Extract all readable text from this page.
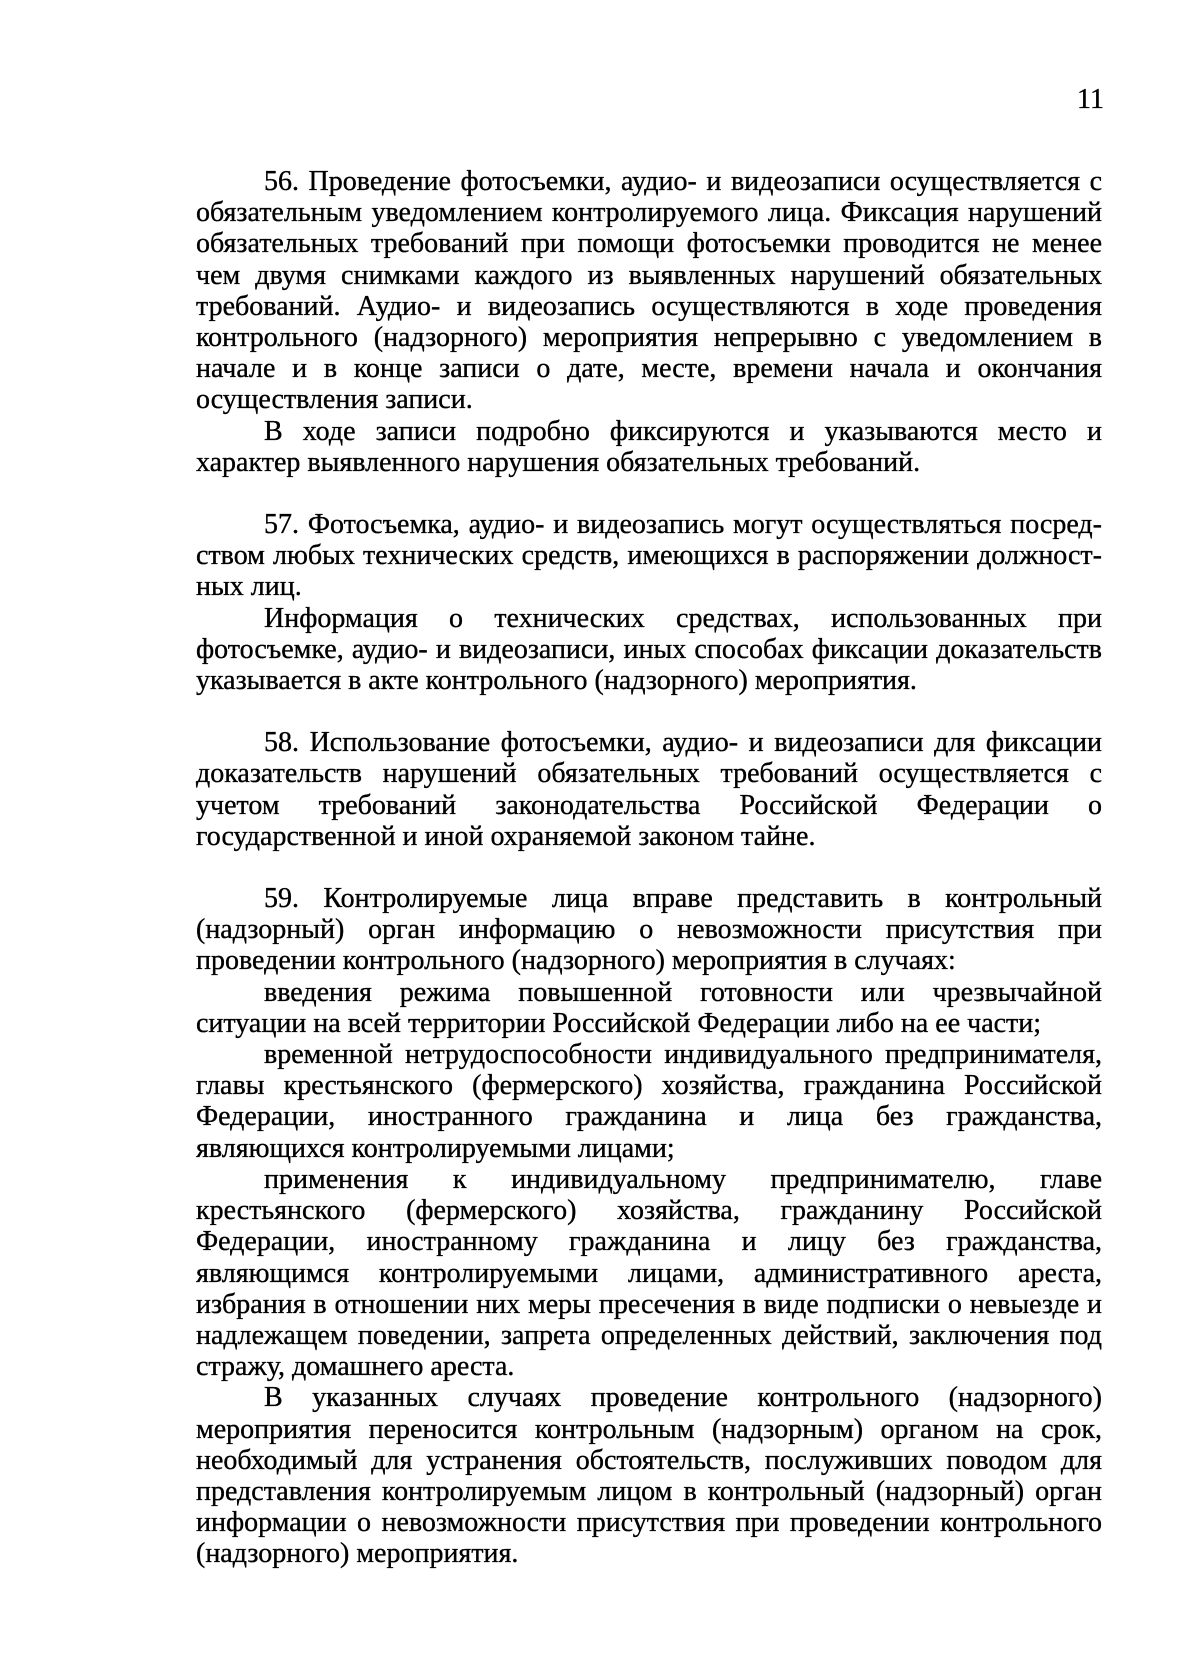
11

56. Проведение фотосъемки, аудио- и видеозаписи осуществляется с обязательным уведомлением контролируемого лица. Фиксация нарушений обязательных требований при помощи фотосъемки проводится не менее чем двумя снимками каждого из выявленных нарушений обязательных требований. Аудио- и видеозапись осуществляются в ходе проведения контрольного (надзорного) мероприятия непрерывно с уведомлением в начале и в конце записи о дате, месте, времени начала и окончания осуществления записи.

В ходе записи подробно фиксируются и указываются место и характер выявленного нарушения обязательных требований.

57. Фотосъемка, аудио- и видеозапись могут осуществляться посредством любых технических средств, имеющихся в распоряжении должностных лиц.

Информация о технических средствах, использованных при фотосъемке, аудио- и видеозаписи, иных способах фиксации доказательств указывается в акте контрольного (надзорного) мероприятия.

58. Использование фотосъемки, аудио- и видеозаписи для фиксации доказательств нарушений обязательных требований осуществляется с учетом требований законодательства Российской Федерации о государственной и иной охраняемой законом тайне.

59. Контролируемые лица вправе представить в контрольный (надзорный) орган информацию о невозможности присутствия при проведении контрольного (надзорного) мероприятия в случаях:

введения режима повышенной готовности или чрезвычайной ситуации на всей территории Российской Федерации либо на ее части;

временной нетрудоспособности индивидуального предпринимателя, главы крестьянского (фермерского) хозяйства, гражданина Российской Федерации, иностранного гражданина и лица без гражданства, являющихся контролируемыми лицами;

применения к индивидуальному предпринимателю, главе крестьянского (фермерского) хозяйства, гражданину Российской Федерации, иностранному гражданина и лицу без гражданства, являющимся контролируемыми лицами, административного ареста, избрания в отношении них меры пресечения в виде подписки о невыезде и надлежащем поведении, запрета определенных действий, заключения под стражу, домашнего ареста.

В указанных случаях проведение контрольного (надзорного) мероприятия переносится контрольным (надзорным) органом на срок, необходимый для устранения обстоятельств, послуживших поводом для представления контролируемым лицом в контрольный (надзорный) орган информации о невозможности присутствия при проведении контрольного (надзорного) мероприятия.
